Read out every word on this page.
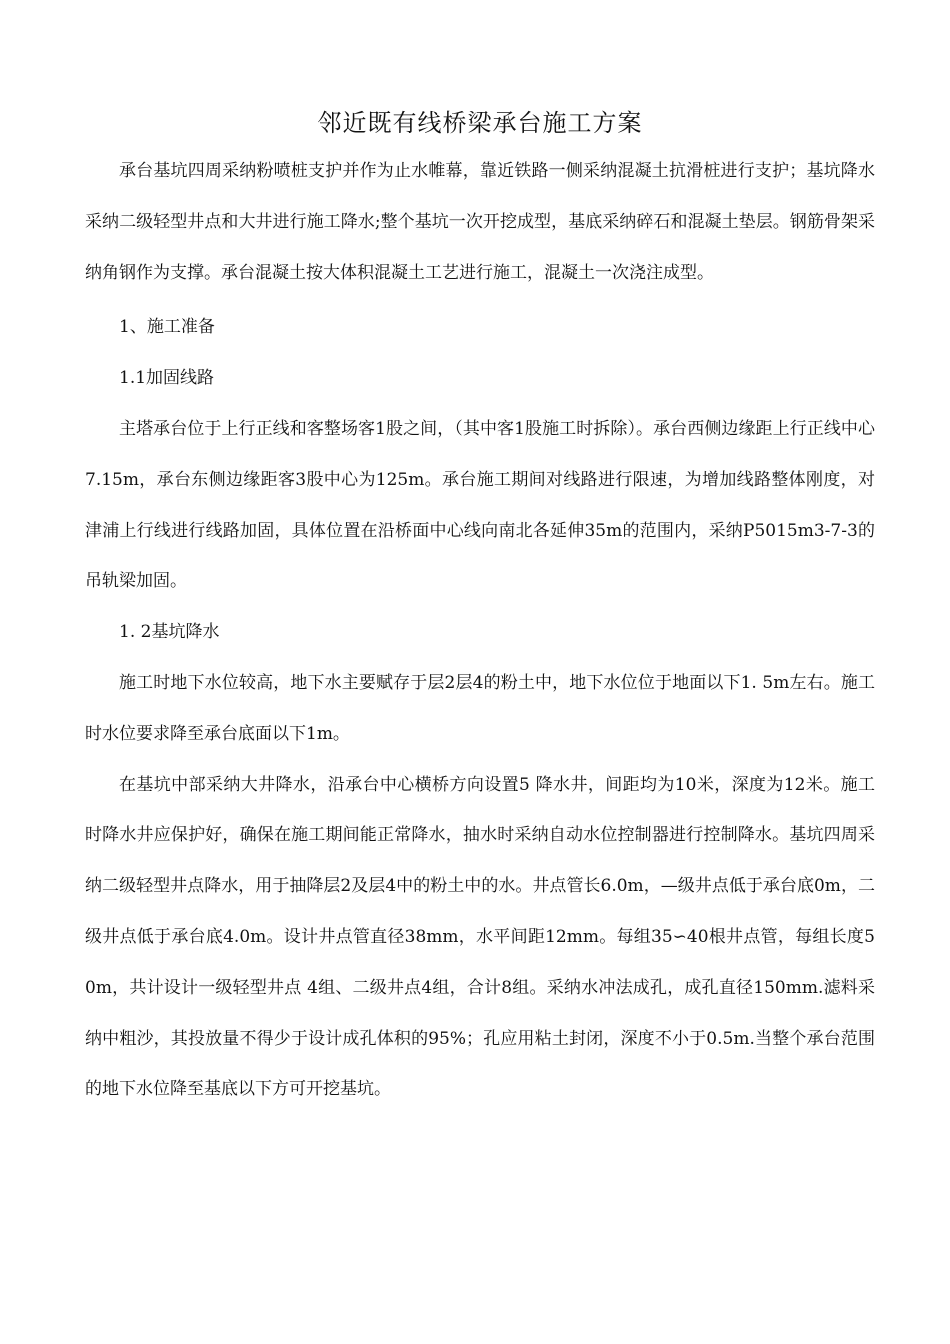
邻近既有线桥梁承台施工方案

承台基坑四周采纳粉喷桩支护并作为止水帷幕，靠近铁路一侧采纳混凝土抗滑桩进行支护；基坑降水采纳二级轻型井点和大井进行施工降水;整个基坑一次开挖成型，基底采纳碎石和混凝土垫层。钢筋骨架采纳角钢作为支撑。承台混凝土按大体积混凝土工艺进行施工，混凝土一次浇注成型。

1、施工准备

1.1加固线路

主塔承台位于上行正线和客整场客1股之间，（其中客1股施工时拆除）。承台西侧边缘距上行正线中心7.15m，承台东侧边缘距客3股中心为125m。承台施工期间对线路进行限速，为增加线路整体刚度，对津浦上行线进行线路加固，具体位置在沿桥面中心线向南北各延伸35m的范围内，采纳P5015m3-7-3的吊轨梁加固。

1. 2基坑降水

施工时地下水位较高，地下水主要赋存于层2层4的粉土中，地下水位位于地面以下1. 5m左右。施工时水位要求降至承台底面以下1m。

在基坑中部采纳大井降水，沿承台中心横桥方向设置5 降水井，间距均为10米，深度为12米。施工时降水井应保护好，确保在施工期间能正常降水，抽水时采纳自动水位控制器进行控制降水。基坑四周采纳二级轻型井点降水，用于抽降层2及层4中的粉土中的水。井点管长6.0m，—级井点低于承台底0m，二级井点低于承台底4.0m。设计井点管直径38mm，水平间距12mm。每组35∽40根井点管，每组长度50m，共计设计一级轻型井点 4组、二级井点4组，合计8组。采纳水冲法成孔，成孔直径150mm.滤料采纳中粗沙，其投放量不得少于设计成孔体积的95%；孔应用粘土封闭，深度不小于0.5m.当整个承台范围的地下水位降至基底以下方可开挖基坑。
